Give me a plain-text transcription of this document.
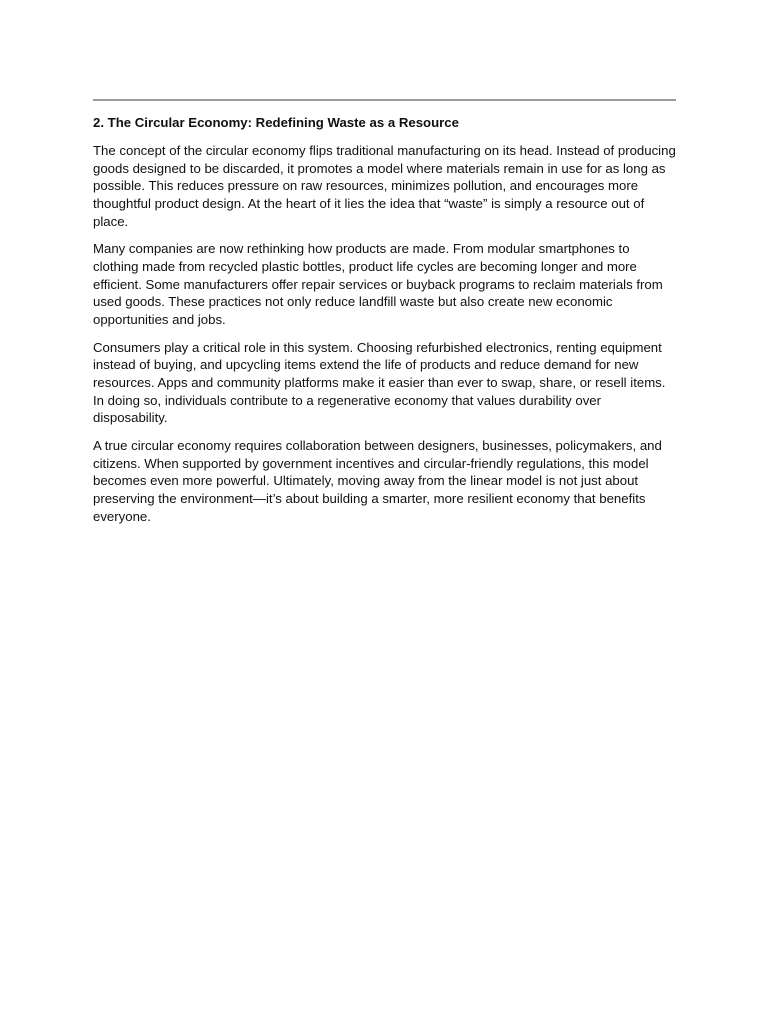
2. The Circular Economy: Redefining Waste as a Resource

The concept of the circular economy flips traditional manufacturing on its head. Instead of producing goods designed to be discarded, it promotes a model where materials remain in use for as long as possible. This reduces pressure on raw resources, minimizes pollution, and encourages more thoughtful product design. At the heart of it lies the idea that “waste” is simply a resource out of place.

Many companies are now rethinking how products are made. From modular smartphones to clothing made from recycled plastic bottles, product life cycles are becoming longer and more efficient. Some manufacturers offer repair services or buyback programs to reclaim materials from used goods. These practices not only reduce landfill waste but also create new economic opportunities and jobs.

Consumers play a critical role in this system. Choosing refurbished electronics, renting equipment instead of buying, and upcycling items extend the life of products and reduce demand for new resources. Apps and community platforms make it easier than ever to swap, share, or resell items. In doing so, individuals contribute to a regenerative economy that values durability over disposability.

A true circular economy requires collaboration between designers, businesses, policymakers, and citizens. When supported by government incentives and circular-friendly regulations, this model becomes even more powerful. Ultimately, moving away from the linear model is not just about preserving the environment—it’s about building a smarter, more resilient economy that benefits everyone.
